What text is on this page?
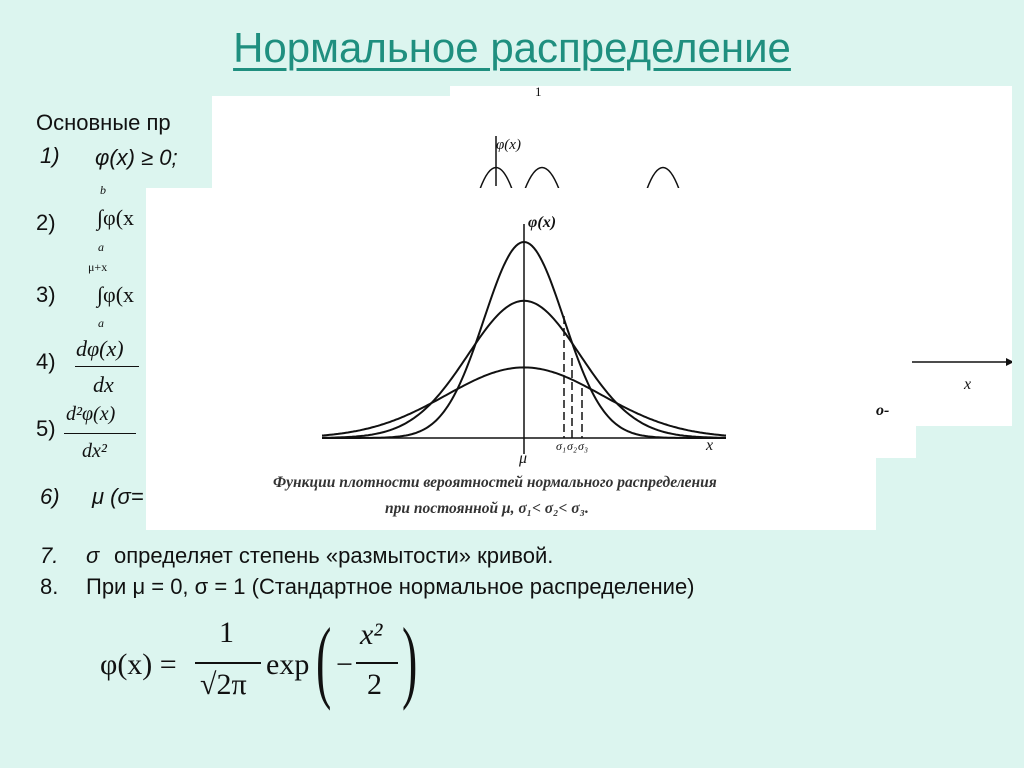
Нормальное распределение
Основные пр
1) φ(x) ≥ 0;
2)
b
∫φ(x
a
3)
μ+x
∫φ(x
a
4)
dφ(x)
dx
5)
d²φ(x)
dx²
6) μ (σ=
7. σ определяет степень «размытости» кривой.
8. При μ = 0, σ = 1 (Стандартное нормальное распределение)
φ(x) =
1
√2π
exp ( −
x²
2 )
φ(x)
1
x
о-
φ(x)
x
μ
σ₁ σ₂ σ₃
Функции плотности вероятностей нормального распределения
при постоянной μ, σ₁< σ₂< σ₃.
